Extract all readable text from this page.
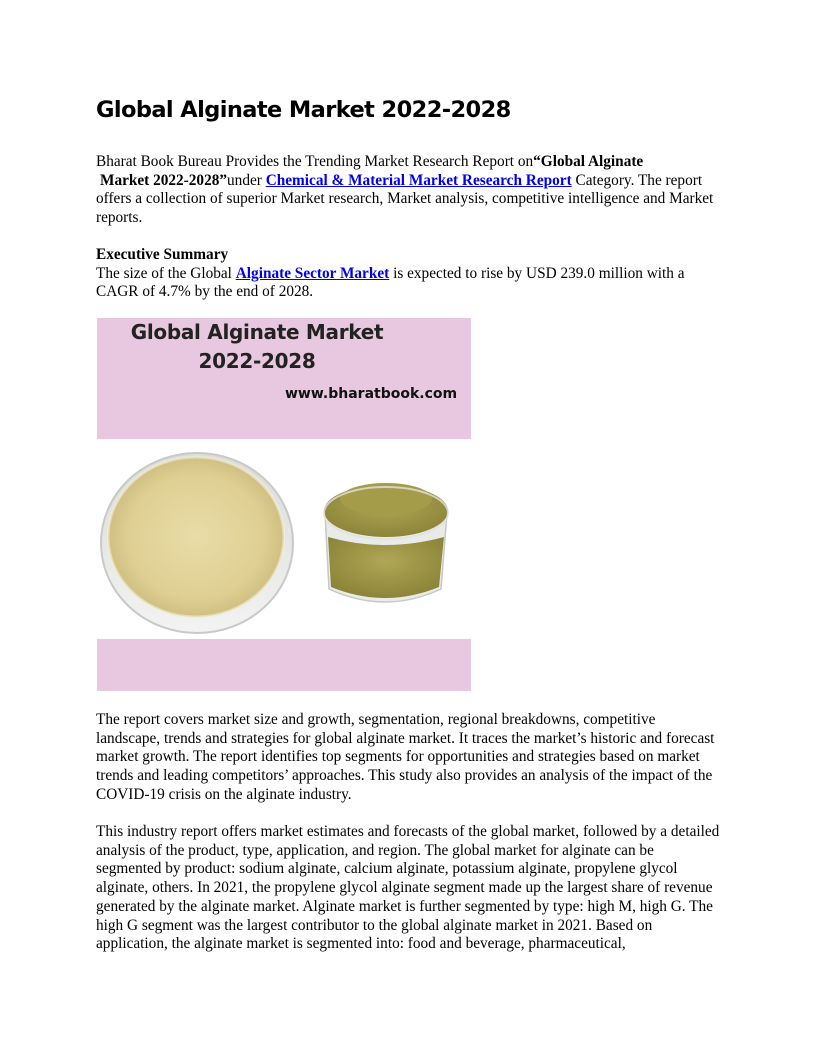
Global Alginate Market 2022-2028

Bharat Book Bureau Provides the Trending Market Research Report on“Global Alginate
Market 2022-2028”under Chemical & Material Market Research Report Category. The report offers a collection of superior Market research, Market analysis, competitive intelligence and Market reports.

Executive Summary

The size of the Global Alginate Sector Market is expected to rise by USD 239.0 million with a CAGR of 4.7% by the end of 2028.

Global Alginate Market
2022-2028
www.bharatbook.com

The report covers market size and growth, segmentation, regional breakdowns, competitive landscape, trends and strategies for global alginate market. It traces the market’s historic and forecast market growth. The report identifies top segments for opportunities and strategies based on market trends and leading competitors’ approaches. This study also provides an analysis of the impact of the COVID-19 crisis on the alginate industry.

This industry report offers market estimates and forecasts of the global market, followed by a detailed analysis of the product, type, application, and region. The global market for alginate can be segmented by product: sodium alginate, calcium alginate, potassium alginate, propylene glycol alginate, others. In 2021, the propylene glycol alginate segment made up the largest share of revenue generated by the alginate market. Alginate market is further segmented by type: high M, high G. The high G segment was the largest contributor to the global alginate market in 2021. Based on application, the alginate market is segmented into: food and beverage, pharmaceutical,
